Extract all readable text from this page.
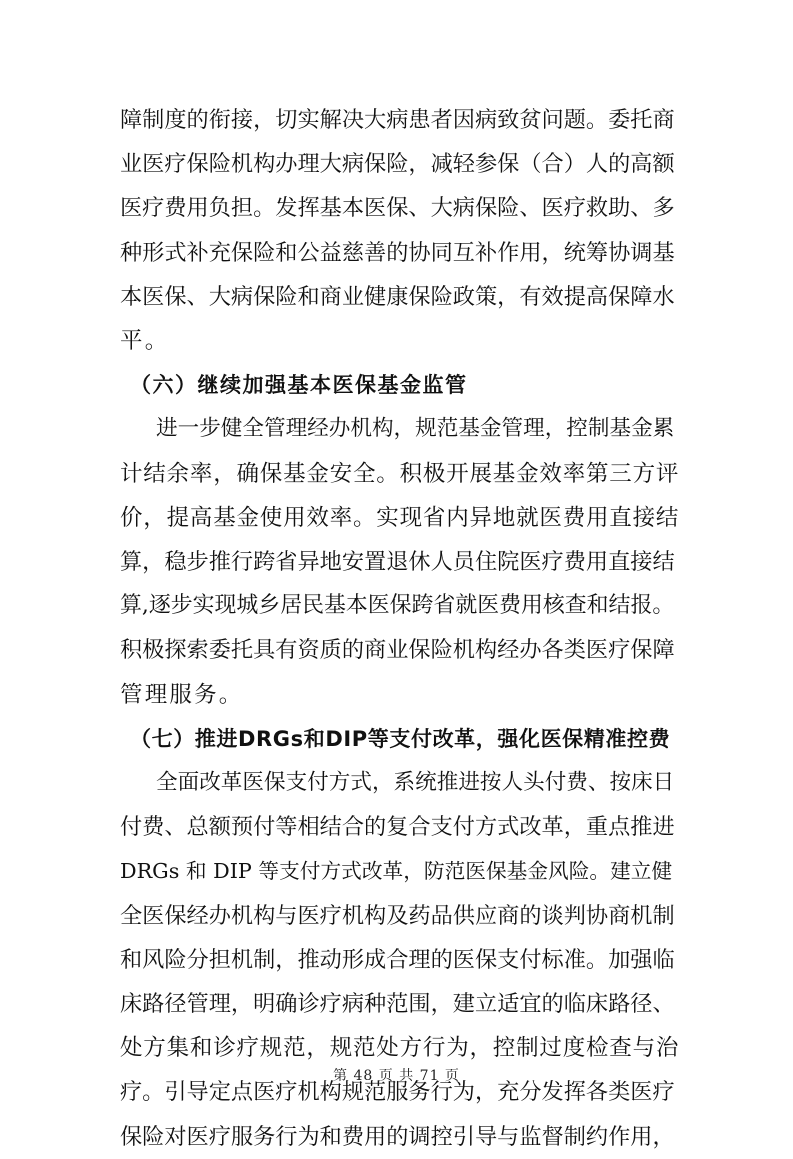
障制度的衔接，切实解决大病患者因病致贫问题。委托商
业医疗保险机构办理大病保险，减轻参保（合）人的高额
医疗费用负担。发挥基本医保、大病保险、医疗救助、多
种形式补充保险和公益慈善的协同互补作用，统筹协调基
本医保、大病保险和商业健康保险政策，有效提高保障水
平。
（六）继续加强基本医保基金监管
进一步健全管理经办机构，规范基金管理，控制基金累
计结余率，确保基金安全。积极开展基金效率第三方评
价，提高基金使用效率。实现省内异地就医费用直接结
算，稳步推行跨省异地安置退休人员住院医疗费用直接结
算,逐步实现城乡居民基本医保跨省就医费用核查和结报。
积极探索委托具有资质的商业保险机构经办各类医疗保障
管理服务。
（七）推进DRGs和DIP等支付改革，强化医保精准控费
全面改革医保支付方式，系统推进按人头付费、按床日
付费、总额预付等相结合的复合支付方式改革，重点推进
DRGs 和 DIP 等支付方式改革，防范医保基金风险。建立健
全医保经办机构与医疗机构及药品供应商的谈判协商机制
和风险分担机制，推动形成合理的医保支付标准。加强临
床路径管理，明确诊疗病种范围，建立适宜的临床路径、
处方集和诊疗规范，规范处方行为，控制过度检查与治
疗。引导定点医疗机构规范服务行为，充分发挥各类医疗
保险对医疗服务行为和费用的调控引导与监督制约作用，
第 48 页 共 71 页
